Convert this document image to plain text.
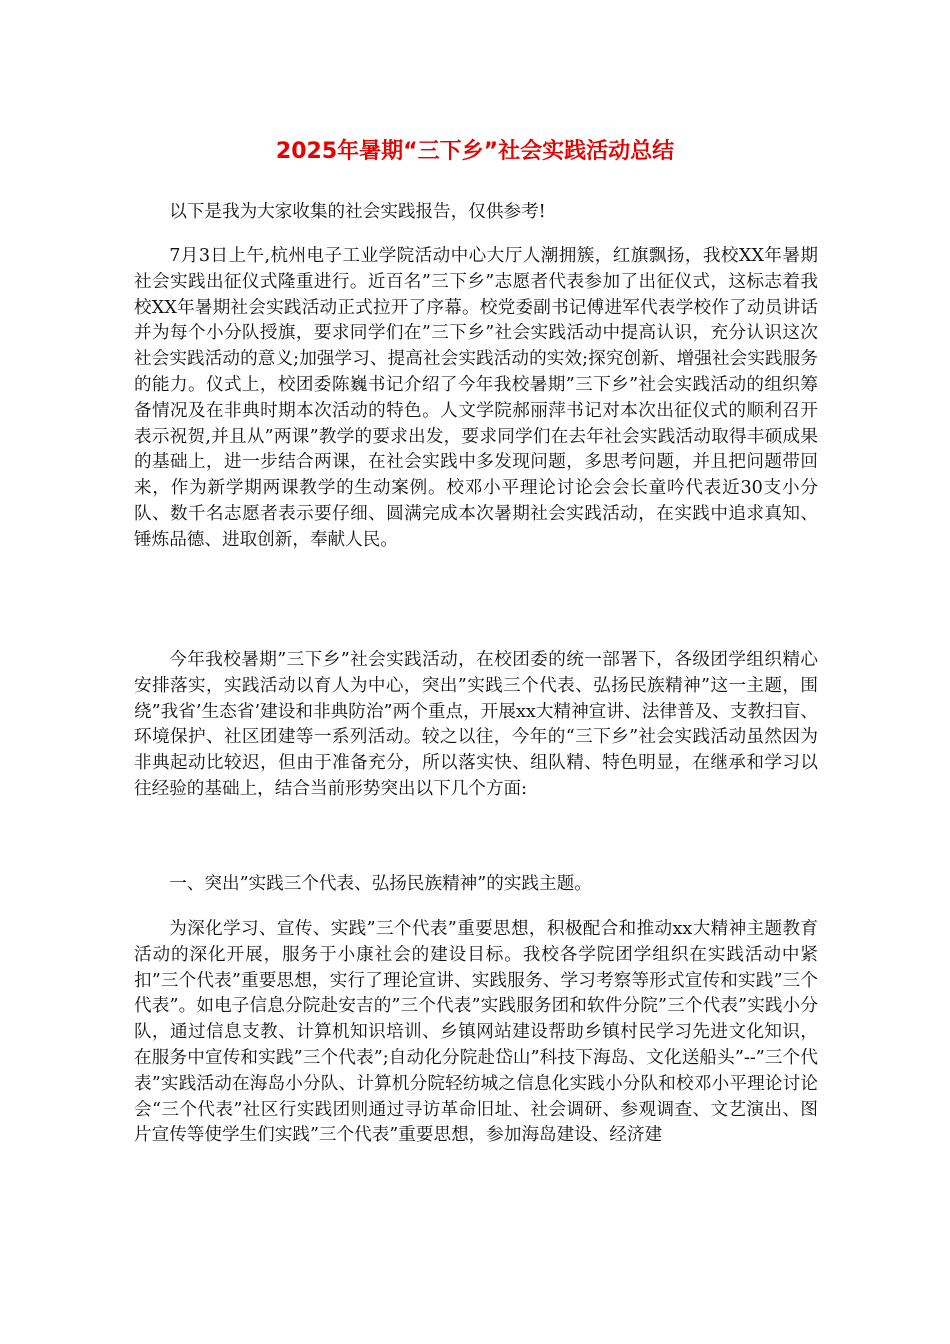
2025年暑期“三下乡”社会实践活动总结

以下是我为大家收集的社会实践报告，仅供参考!

7月3日上午,杭州电子工业学院活动中心大厅人潮拥簇，红旗飘扬，我校XX年暑期社会实践出征仪式隆重进行。近百名”三下乡”志愿者代表参加了出征仪式，这标志着我校XX年暑期社会实践活动正式拉开了序幕。校党委副书记傅进军代表学校作了动员讲话并为每个小分队授旗，要求同学们在”三下乡”社会实践活动中提高认识，充分认识这次社会实践活动的意义;加强学习、提高社会实践活动的实效;探究创新、增强社会实践服务的能力。仪式上，校团委陈巍书记介绍了今年我校暑期”三下乡”社会实践活动的组织筹备情况及在非典时期本次活动的特色。人文学院郝丽萍书记对本次出征仪式的顺利召开表示祝贺,并且从”两课”教学的要求出发，要求同学们在去年社会实践活动取得丰硕成果的基础上，进一步结合两课，在社会实践中多发现问题，多思考问题，并且把问题带回来，作为新学期两课教学的生动案例。校邓小平理论讨论会会长童吟代表近30支小分队、数千名志愿者表示要仔细、圆满完成本次暑期社会实践活动，在实践中追求真知、锤炼品德、进取创新，奉献人民。

今年我校暑期”三下乡”社会实践活动，在校团委的统一部署下，各级团学组织精心安排落实，实践活动以育人为中心，突出”实践三个代表、弘扬民族精神”这一主题，围绕”我省’生态省’建设和非典防治”两个重点，开展xx大精神宣讲、法律普及、支教扫盲、环境保护、社区团建等一系列活动。较之以往，今年的“三下乡”社会实践活动虽然因为非典起动比较迟，但由于准备充分，所以落实快、组队精、特色明显，在继承和学习以往经验的基础上，结合当前形势突出以下几个方面:

一、突出”实践三个代表、弘扬民族精神”的实践主题。

为深化学习、宣传、实践”三个代表”重要思想，积极配合和推动xx大精神主题教育活动的深化开展，服务于小康社会的建设目标。我校各学院团学组织在实践活动中紧扣”三个代表”重要思想，实行了理论宣讲、实践服务、学习考察等形式宣传和实践”三个代表”。如电子信息分院赴安吉的”三个代表”实践服务团和软件分院”三个代表”实践小分队，通过信息支教、计算机知识培训、乡镇网站建设帮助乡镇村民学习先进文化知识，在服务中宣传和实践”三个代表”;自动化分院赴岱山”科技下海岛、文化送船头”--”三个代表”实践活动在海岛小分队、计算机分院轻纺城之信息化实践小分队和校邓小平理论讨论会“三个代表”社区行实践团则通过寻访革命旧址、社会调研、参观调查、文艺演出、图片宣传等使学生们实践”三个代表”重要思想，参加海岛建设、经济建
